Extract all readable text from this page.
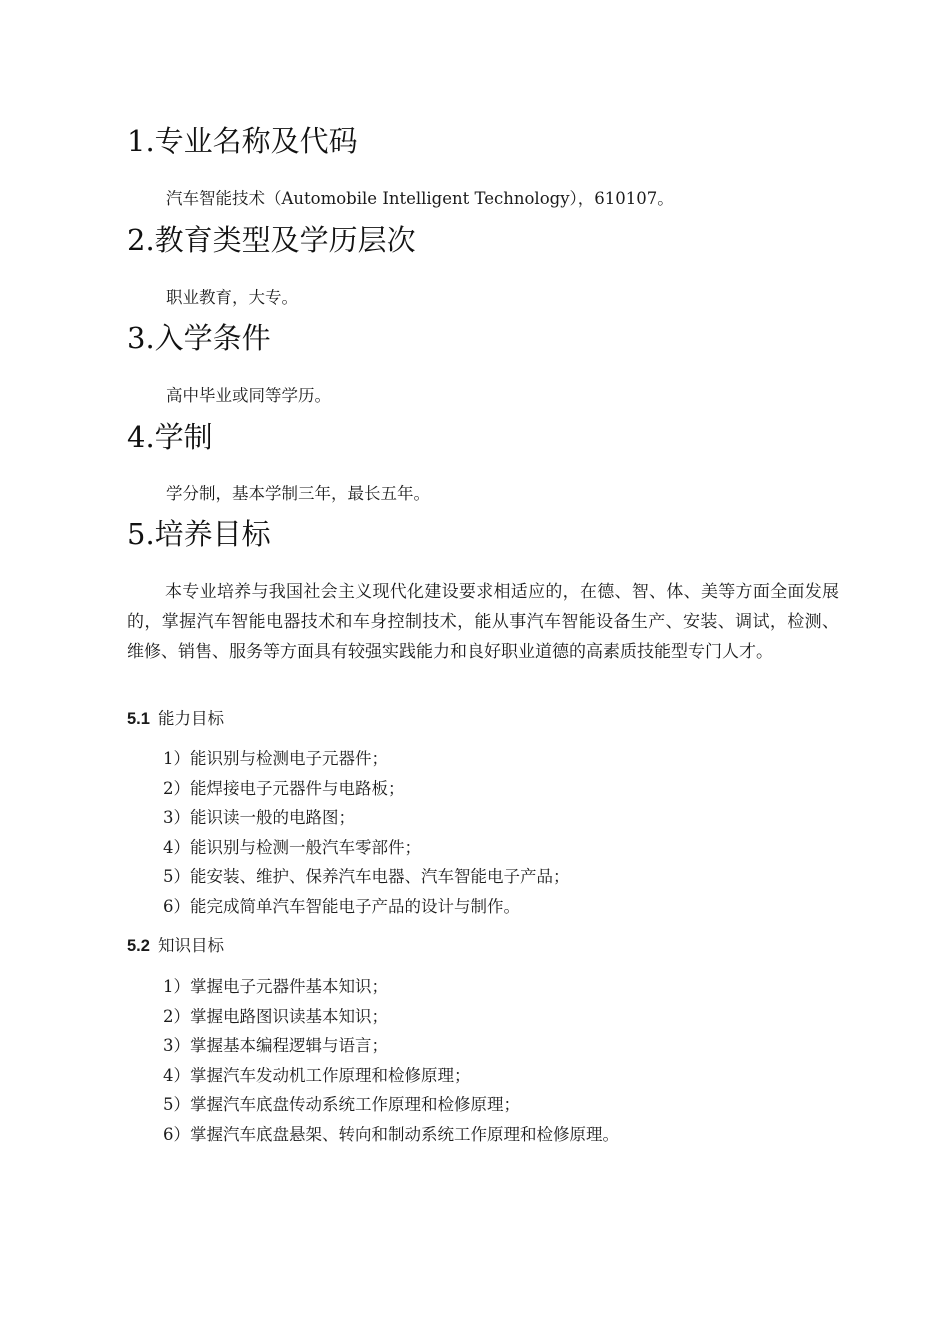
1.专业名称及代码

汽车智能技术（Automobile Intelligent Technology），610107。

2.教育类型及学历层次

职业教育，大专。

3.入学条件

高中毕业或同等学历。

4.学制

学分制，基本学制三年，最长五年。

5.培养目标

本专业培养与我国社会主义现代化建设要求相适应的，在德、智、体、美等方面全面发展的，掌握汽车智能电器技术和车身控制技术，能从事汽车智能设备生产、安装、调试，检测、维修、销售、服务等方面具有较强实践能力和良好职业道德的高素质技能型专门人才。

5.1 能力目标
1）能识别与检测电子元器件；
2）能焊接电子元器件与电路板；
3）能识读一般的电路图；
4）能识别与检测一般汽车零部件；
5）能安装、维护、保养汽车电器、汽车智能电子产品；
6）能完成简单汽车智能电子产品的设计与制作。
5.2 知识目标
1）掌握电子元器件基本知识；
2）掌握电路图识读基本知识；
3）掌握基本编程逻辑与语言；
4）掌握汽车发动机工作原理和检修原理；
5）掌握汽车底盘传动系统工作原理和检修原理；
6）掌握汽车底盘悬架、转向和制动系统工作原理和检修原理。
